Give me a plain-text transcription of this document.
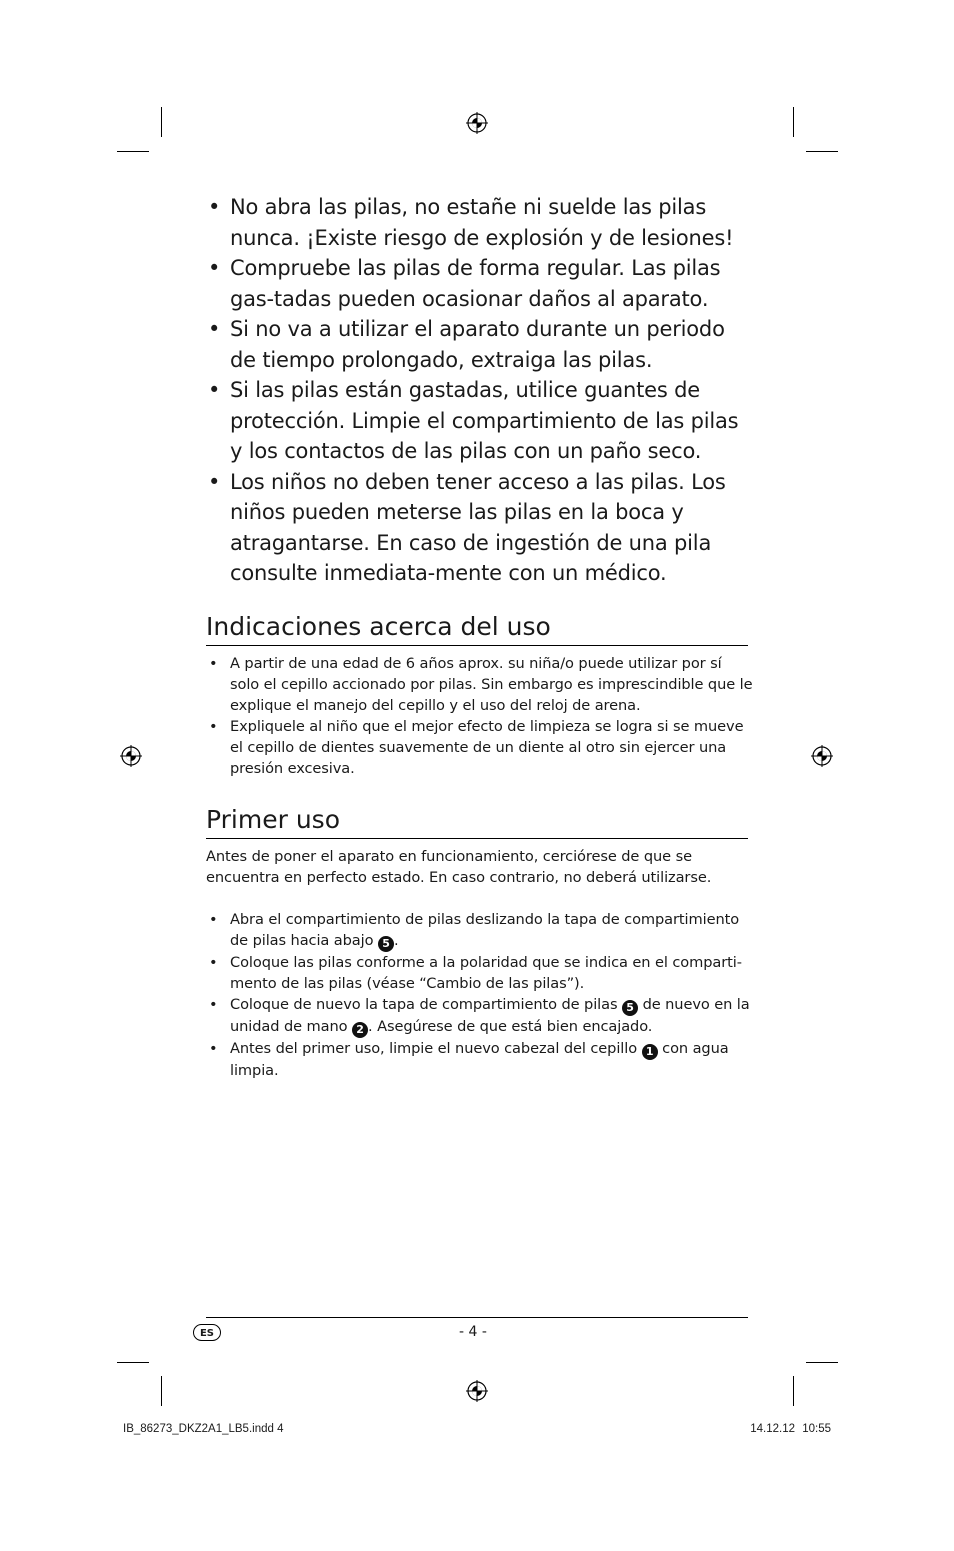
• No abra las pilas, no estañe ni suelde las pilas nunca. ¡Existe riesgo de explosión y de lesiones!
• Compruebe las pilas de forma regular. Las pilas gas-tadas pueden ocasionar daños al aparato.
• Si no va a utilizar el aparato durante un periodo de tiempo prolongado, extraiga las pilas.
• Si las pilas están gastadas, utilice guantes de protección. Limpie el compartimiento de las pilas y los contactos de las pilas con un paño seco.
• Los niños no deben tener acceso a las pilas. Los niños pueden meterse las pilas en la boca y atragantarse. En caso de ingestión de una pila consulte inmediata-mente con un médico.
Indicaciones acerca del uso
• A partir de una edad de 6 años aprox. su niña/o puede utilizar por sí solo el cepillo accionado por pilas. Sin embargo es imprescindible que le explique el manejo del cepillo y el uso del reloj de arena.
• Expliquele al niño que el mejor efecto de limpieza se logra si se mueve el cepillo de dientes suavemente de un diente al otro sin ejercer una presión excesiva.
Primer uso

Antes de poner el aparato en funcionamiento, cerciórese de que se encuentra en perfecto estado. En caso contrario, no deberá utilizarse.

• Abra el compartimiento de pilas deslizando la tapa de compartimiento de pilas hacia abajo 5 .
• Coloque las pilas conforme a la polaridad que se indica en el comparti-mento de las pilas (véase “Cambio de las pilas”).
• Coloque de nuevo la tapa de compartimiento de pilas 5 de nuevo en la unidad de mano 2 . Asegúrese de que está bien encajado.
• Antes del primer uso, limpie el nuevo cabezal del cepillo 1 con agua limpia.
ES	- 4 -
IB_86273_DKZ2A1_LB5.indd 4	14.12.12 10:55
